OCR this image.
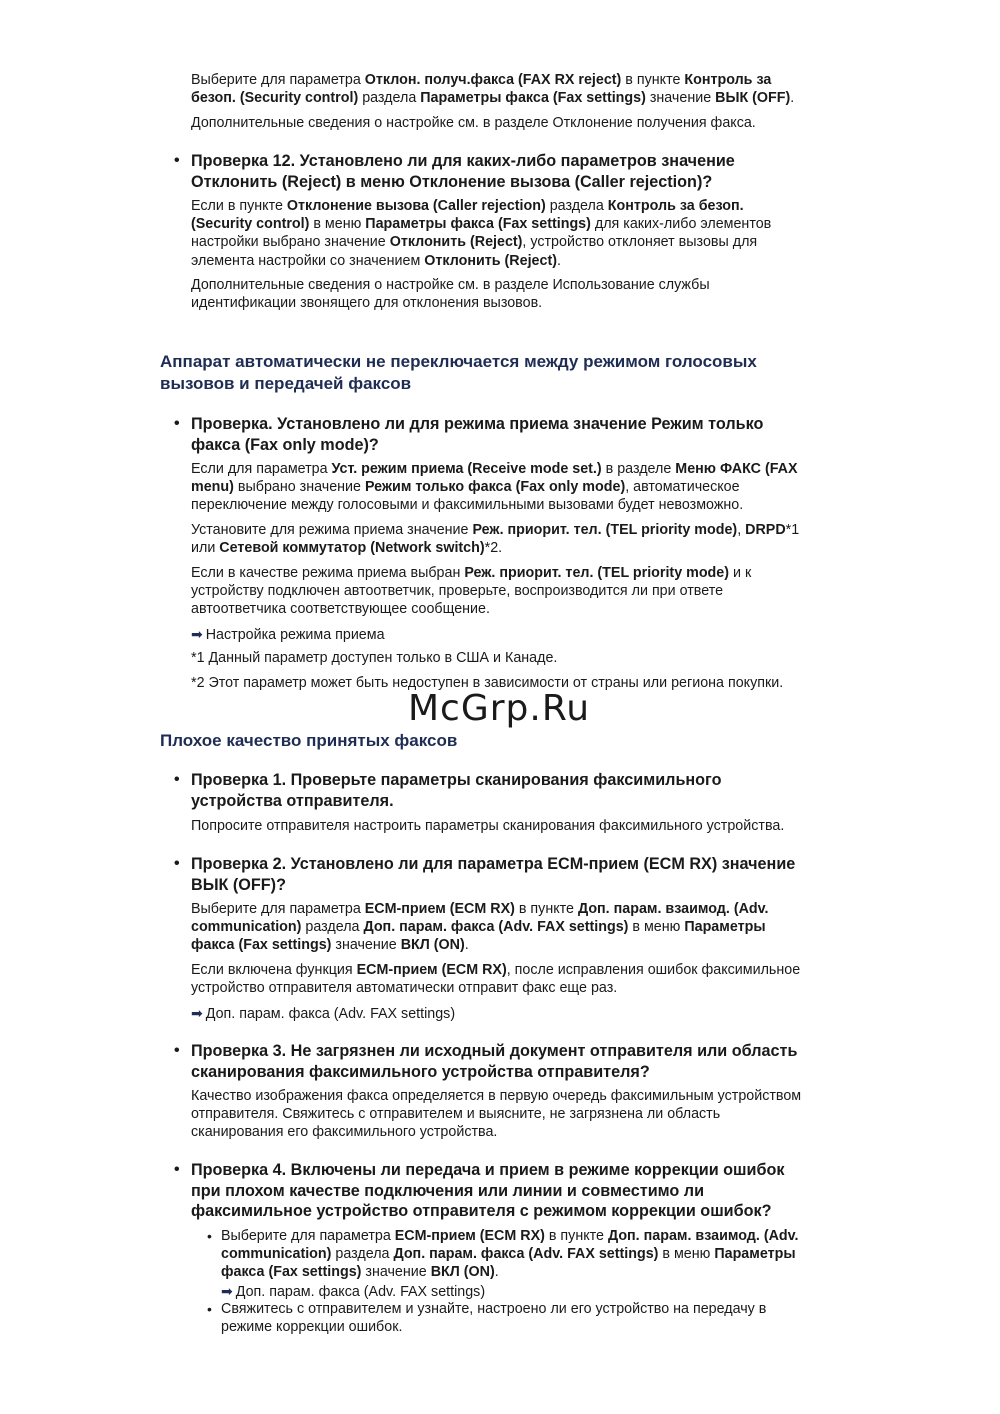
Выберите для параметра Отклон. получ.факса (FAX RX reject) в пункте Контроль за
безоп. (Security control) раздела Параметры факса (Fax settings) значение ВЫК (OFF).

Дополнительные сведения о настройке см. в разделе Отклонение получения факса.

• Проверка 12. Установлено ли для каких-либо параметров значение
Отклонить (Reject) в меню Отклонение вызова (Caller rejection)?

Если в пункте Отклонение вызова (Caller rejection) раздела Контроль за безоп.
(Security control) в меню Параметры факса (Fax settings) для каких-либо элементов
настройки выбрано значение Отклонить (Reject), устройство отклоняет вызовы для
элемента настройки со значением Отклонить (Reject).

Дополнительные сведения о настройке см. в разделе Использование службы
идентификации звонящего для отклонения вызовов.

Аппарат автоматически не переключается между режимом голосовых
вызовов и передачей факсов
• Проверка. Установлено ли для режима приема значение Режим только
факса (Fax only mode)?

Если для параметра Уст. режим приема (Receive mode set.) в разделе Меню ФАКС (FAX
menu) выбрано значение Режим только факса (Fax only mode), автоматическое
переключение между голосовыми и факсимильными вызовами будет невозможно.

Установите для режима приема значение Реж. приорит. тел. (TEL priority mode), DRPD*1
или Сетевой коммутатор (Network switch)*2.

Если в качестве режима приема выбран Реж. приорит. тел. (TEL priority mode) и к
устройству подключен автоответчик, проверьте, воспроизводится ли при ответе
автоответчика соответствующее сообщение.

➡ Настройка режима приема

*1 Данный параметр доступен только в США и Канаде.

*2 Этот параметр может быть недоступен в зависимости от страны или региона покупки.

McGrp.Ru
Плохое качество принятых факсов
• Проверка 1. Проверьте параметры сканирования факсимильного
устройства отправителя.

Попросите отправителя настроить параметры сканирования факсимильного устройства.

• Проверка 2. Установлено ли для параметра ECM-прием (ECM RX) значение
ВЫК (OFF)?

Выберите для параметра ECM-прием (ECM RX) в пункте Доп. парам. взаимод. (Adv.
communication) раздела Доп. парам. факса (Adv. FAX settings) в меню Параметры
факса (Fax settings) значение ВКЛ (ON).

Если включена функция ECM-прием (ECM RX), после исправления ошибок факсимильное
устройство отправителя автоматически отправит факс еще раз.

➡ Доп. парам. факса (Adv. FAX settings)

• Проверка 3. Не загрязнен ли исходный документ отправителя или область
сканирования факсимильного устройства отправителя?

Качество изображения факса определяется в первую очередь факсимильным устройством
отправителя. Свяжитесь с отправителем и выясните, не загрязнена ли область
сканирования его факсимильного устройства.

• Проверка 4. Включены ли передача и прием в режиме коррекции ошибок
при плохом качестве подключения или линии и совместимо ли
факсимильное устройство отправителя с режимом коррекции ошибок?

• Выберите для параметра ECM-прием (ECM RX) в пункте Доп. парам. взаимод. (Adv.
communication) раздела Доп. парам. факса (Adv. FAX settings) в меню Параметры
факса (Fax settings) значение ВКЛ (ON).

➡ Доп. парам. факса (Adv. FAX settings)

• Свяжитесь с отправителем и узнайте, настроено ли его устройство на передачу в
режиме коррекции ошибок.
